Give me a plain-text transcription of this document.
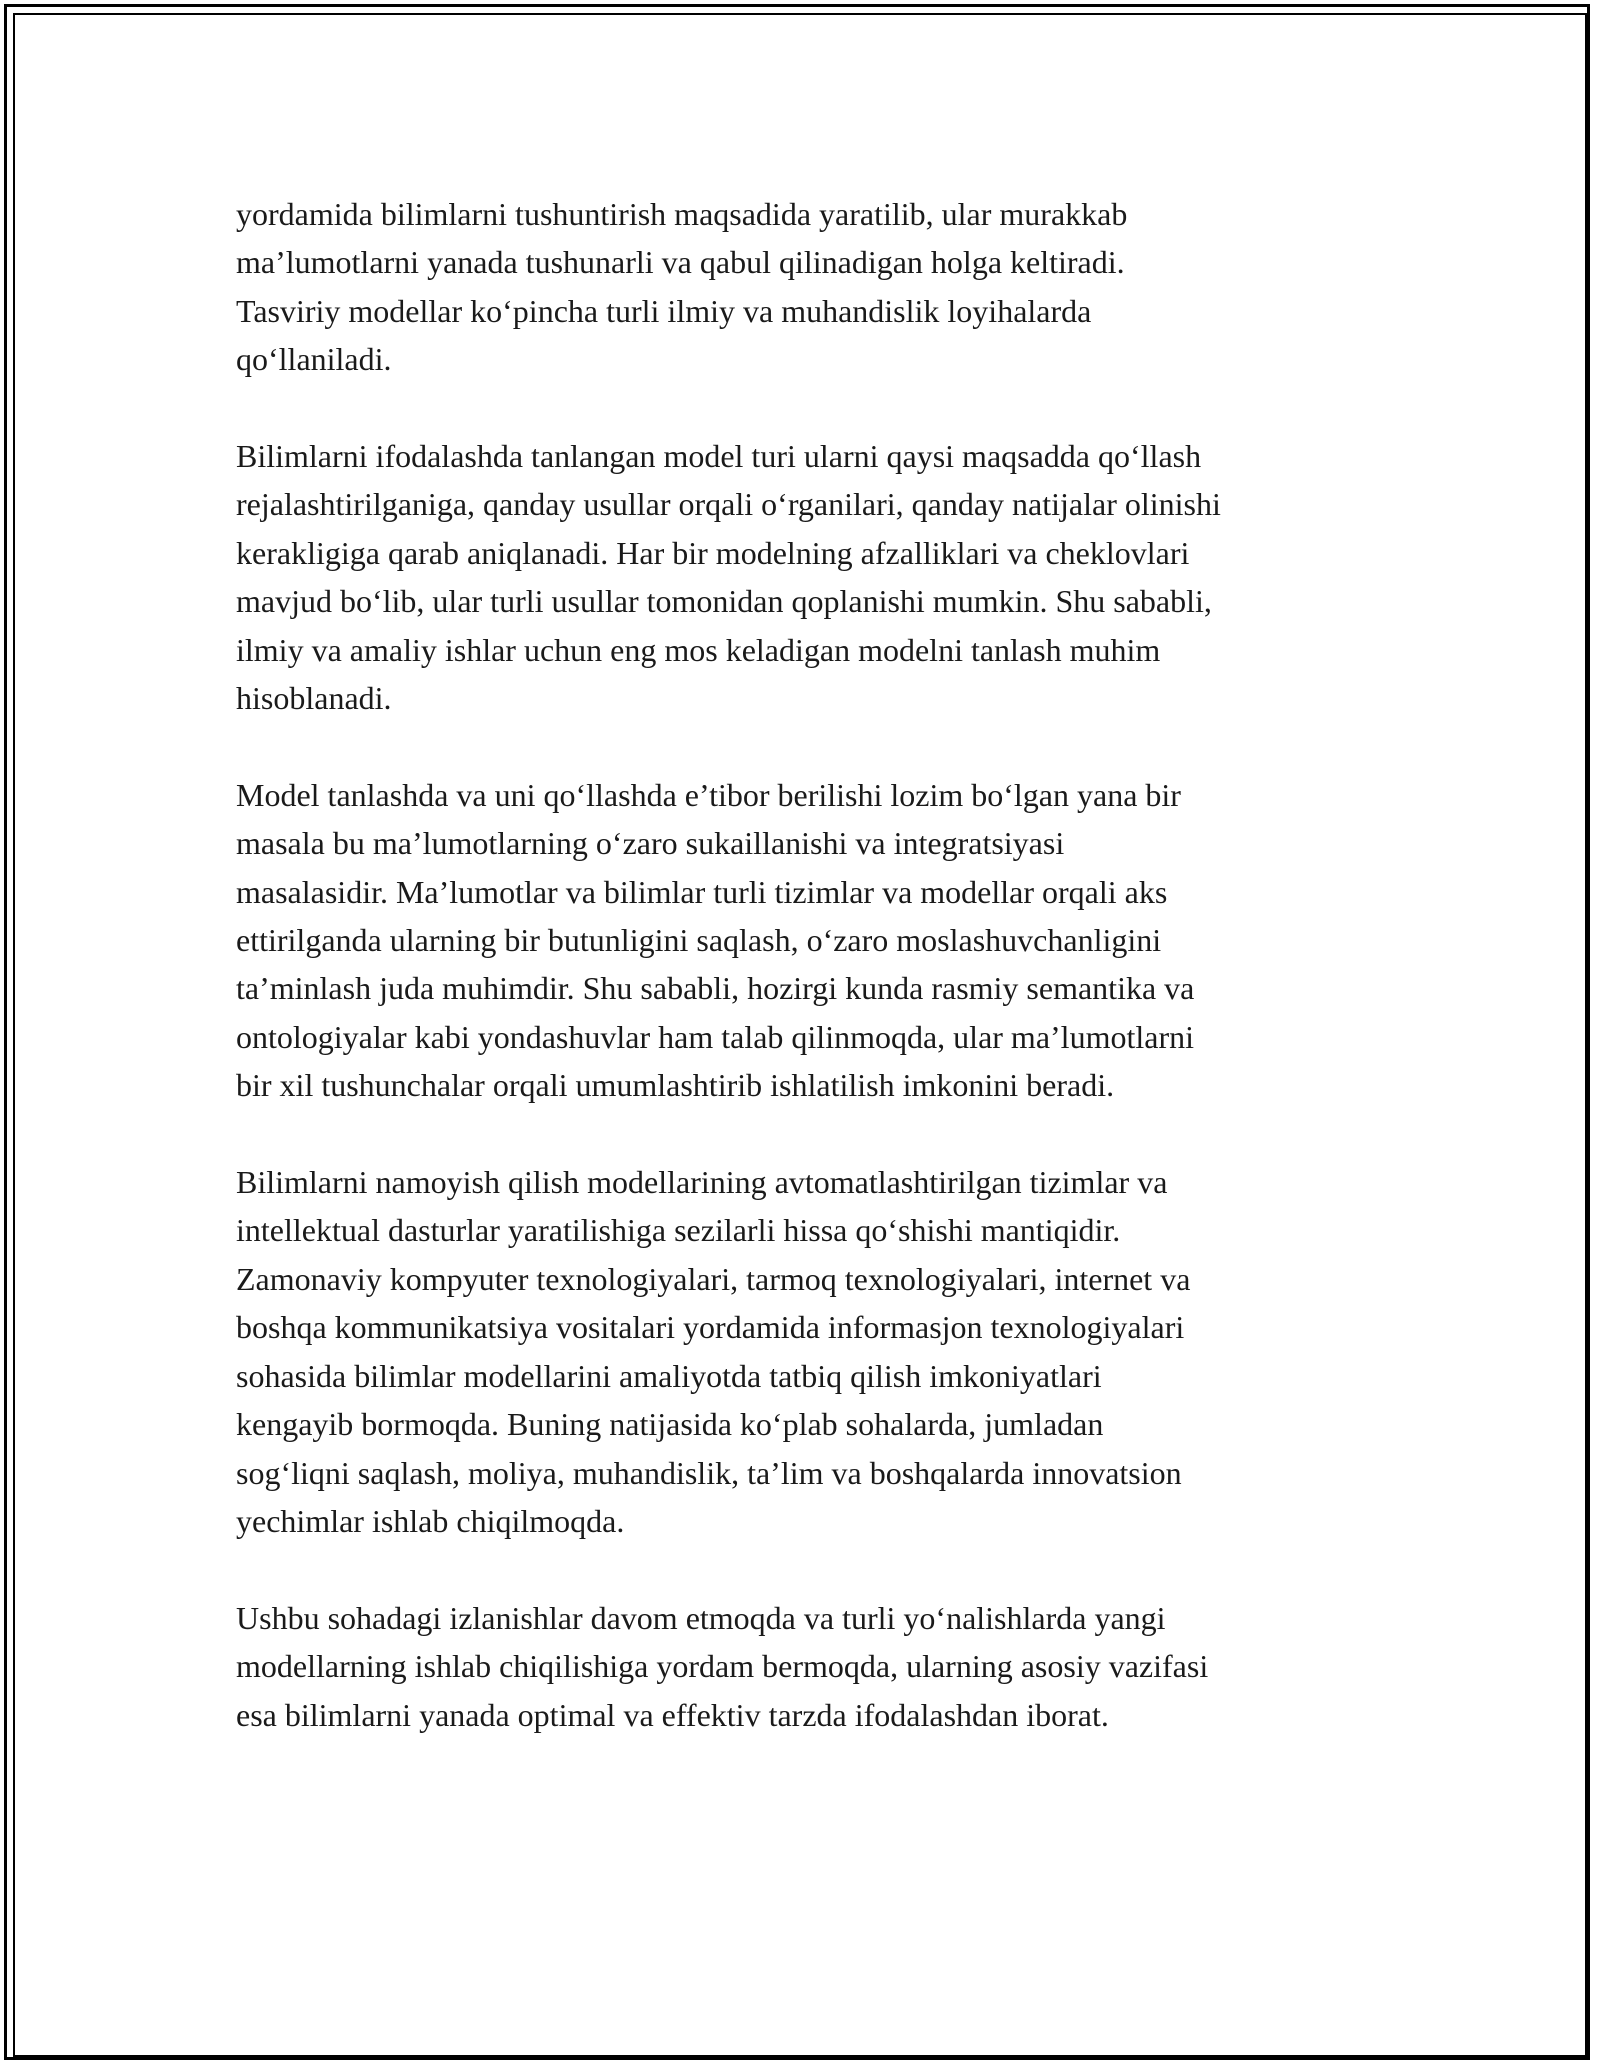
yordamida bilimlarni tushuntirish maqsadida yaratilib, ular murakkab
ma’lumotlarni yanada tushunarli va qabul qilinadigan holga keltiradi.
Tasviriy modellar ko‘pincha turli ilmiy va muhandislik loyihalarda
qo‘llaniladi.

Bilimlarni ifodalashda tanlangan model turi ularni qaysi maqsadda qo‘llash
rejalashtirilganiga, qanday usullar orqali o‘rganilari, qanday natijalar olinishi
kerakligiga qarab aniqlanadi. Har bir modelning afzalliklari va cheklovlari
mavjud bo‘lib, ular turli usullar tomonidan qoplanishi mumkin. Shu sababli,
ilmiy va amaliy ishlar uchun eng mos keladigan modelni tanlash muhim
hisoblanadi.

Model tanlashda va uni qo‘llashda e’tibor berilishi lozim bo‘lgan yana bir
masala bu ma’lumotlarning o‘zaro sukaillanishi va integratsiyasi
masalasidir. Ma’lumotlar va bilimlar turli tizimlar va modellar orqali aks
ettirilganda ularning bir butunligini saqlash, o‘zaro moslashuvchanligini
ta’minlash juda muhimdir. Shu sababli, hozirgi kunda rasmiy semantika va
ontologiyalar kabi yondashuvlar ham talab qilinmoqda, ular ma’lumotlarni
bir xil tushunchalar orqali umumlashtirib ishlatilish imkonini beradi.

Bilimlarni namoyish qilish modellarining avtomatlashtirilgan tizimlar va
intellektual dasturlar yaratilishiga sezilarli hissa qo‘shishi mantiqidir.
Zamonaviy kompyuter texnologiyalari, tarmoq texnologiyalari, internet va
boshqa kommunikatsiya vositalari yordamida informasjon texnologiyalari
sohasida bilimlar modellarini amaliyotda tatbiq qilish imkoniyatlari
kengayib bormoqda. Buning natijasida ko‘plab sohalarda, jumladan
sog‘liqni saqlash, moliya, muhandislik, ta’lim va boshqalarda innovatsion
yechimlar ishlab chiqilmoqda.

Ushbu sohadagi izlanishlar davom etmoqda va turli yo‘nalishlarda yangi
modellarning ishlab chiqilishiga yordam bermoqda, ularning asosiy vazifasi
esa bilimlarni yanada optimal va effektiv tarzda ifodalashdan iborat.
